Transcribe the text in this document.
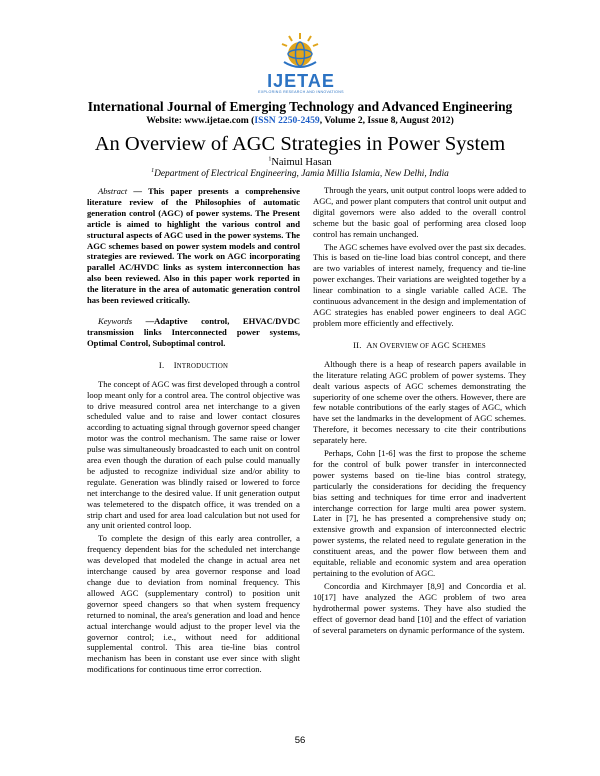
IJETAE
EXPLORING RESEARCH AND INNOVATIONS
International Journal of Emerging Technology and Advanced Engineering
Website: www.ijetae.com (ISSN 2250-2459, Volume 2, Issue 8, August 2012)
An Overview of AGC Strategies in Power System
$^1$Naimul Hasan
$^1$Department of Electrical Engineering, Jamia Millia Islamia, New Delhi, India

Abstract — This paper presents a comprehensive literature review of the Philosophies of automatic generation control (AGC) of power systems. The Present article is aimed to highlight the various control and structural aspects of AGC used in the power systems. The AGC schemes based on power system models and control strategies are reviewed. The work on AGC incorporating parallel AC/HVDC links as system interconnection has also been reviewed. Also in this paper work reported in the literature in the area of automatic generation control has been reviewed critically.

Keywords —Adaptive control, EHVAC/DVDC transmission links Interconnected power systems, Optimal Control, Suboptimal control.

I. INTRODUCTION

The concept of AGC was first developed through a control loop meant only for a control area. The control objective was to drive measured control area net interchange to a given scheduled value and to raise and lower contact closures according to actuating signal through governor speed changer motor was the control mechanism. The same raise or lower pulse was simultaneously broadcasted to each unit on control area even though the duration of each pulse could manually be adjusted to recognize individual size and/or ability to regulate. Generation was blindly raised or lowered to force net interchange to the desired value. If unit generation output was telemetered to the dispatch office, it was trended on a strip chart and used for area load calculation but not used for any unit oriented control loop.

To complete the design of this early area controller, a frequency dependent bias for the scheduled net interchange was developed that modeled the change in actual area net interchange caused by area governor response and load change due to deviation from nominal frequency. This allowed AGC (supplementary control) to position unit governor speed changers so that when system frequency returned to nominal, the area's generation and load and hence actual interchange would adjust to the proper level via the governor control; i.e., without need for additional supplemental control. This area tie-line bias control mechanism has been in constant use ever since with slight modifications for continuous time error correction.

Through the years, unit output control loops were added to AGC, and power plant computers that control unit output and digital governors were also added to the overall control scheme but the basic goal of performing area closed loop control has remain unchanged.

The AGC schemes have evolved over the past six decades. This is based on tie-line load bias control concept, and there are two variables of interest namely, frequency and tie-line power exchanges. Their variations are weighted together by a linear combination to a single variable called ACE. The continuous advancement in the design and implementation of AGC strategies has enabled power engineers to deal AGC problem more efficiently and effectively.

II. AN OVERVIEW OF AGC SCHEMES

Although there is a heap of research papers available in the literature relating AGC problem of power systems. They dealt various aspects of AGC schemes demonstrating the superiority of one scheme over the others. However, there are few notable contributions of the early stages of AGC, which have set the landmarks in the development of AGC schemes. Therefore, it becomes necessary to cite their contributions separately here.

Perhaps, Cohn [1-6] was the first to propose the scheme for the control of bulk power transfer in interconnected power systems based on tie-line bias control strategy, particularly the considerations for deciding the frequency bias setting and techniques for time error and inadvertent interchange correction for large multi area power system. Later in [7], he has presented a comprehensive study on; extensive growth and expansion of interconnected electric power systems, the related need to regulate generation in the constituent areas, and the power flow between them and equitable, reliable and economic system and area operation pertaining to the evolution of AGC.

Concordia and Kirchmayer [8,9] and Concordia et al. 10[17] have analyzed the AGC problem of two area hydrothermal power systems. They have also studied the effect of governor dead band [10] and the effect of variation of several parameters on dynamic performance of the system.

56
